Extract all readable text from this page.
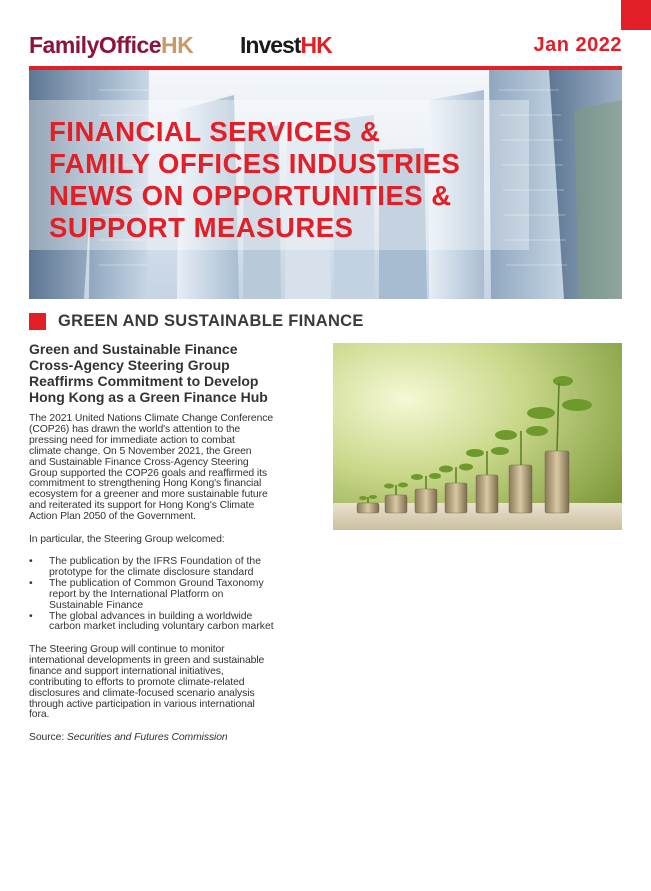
FamilyOfficeHK InvestHK	Jan 2022
FINANCIAL SERVICES &
FAMILY OFFICES INDUSTRIES
NEWS ON OPPORTUNITIES &
SUPPORT MEASURES
GREEN AND SUSTAINABLE FINANCE
Green and Sustainable Finance
Cross-Agency Steering Group
Reaffirms Commitment to Develop
Hong Kong as a Green Finance Hub
The 2021 United Nations Climate Change Conference
(COP26) has drawn the world's attention to the
pressing need for immediate action to combat
climate change. On 5 November 2021, the Green
and Sustainable Finance Cross-Agency Steering
Group supported the COP26 goals and reaffirmed its
commitment to strengthening Hong Kong's financial
ecosystem for a greener and more sustainable future
and reiterated its support for Hong Kong's Climate
Action Plan 2050 of the Government.
In particular, the Steering Group welcomed:
• The publication by the IFRS Foundation of the
prototype for the climate disclosure standard
• The publication of Common Ground Taxonomy
report by the International Platform on
Sustainable Finance
• The global advances in building a worldwide
carbon market including voluntary carbon market
The Steering Group will continue to monitor
international developments in green and sustainable
finance and support international initiatives,
contributing to efforts to promote climate-related
disclosures and climate-focused scenario analysis
through active participation in various international
fora.
Source: Securities and Futures Commission
